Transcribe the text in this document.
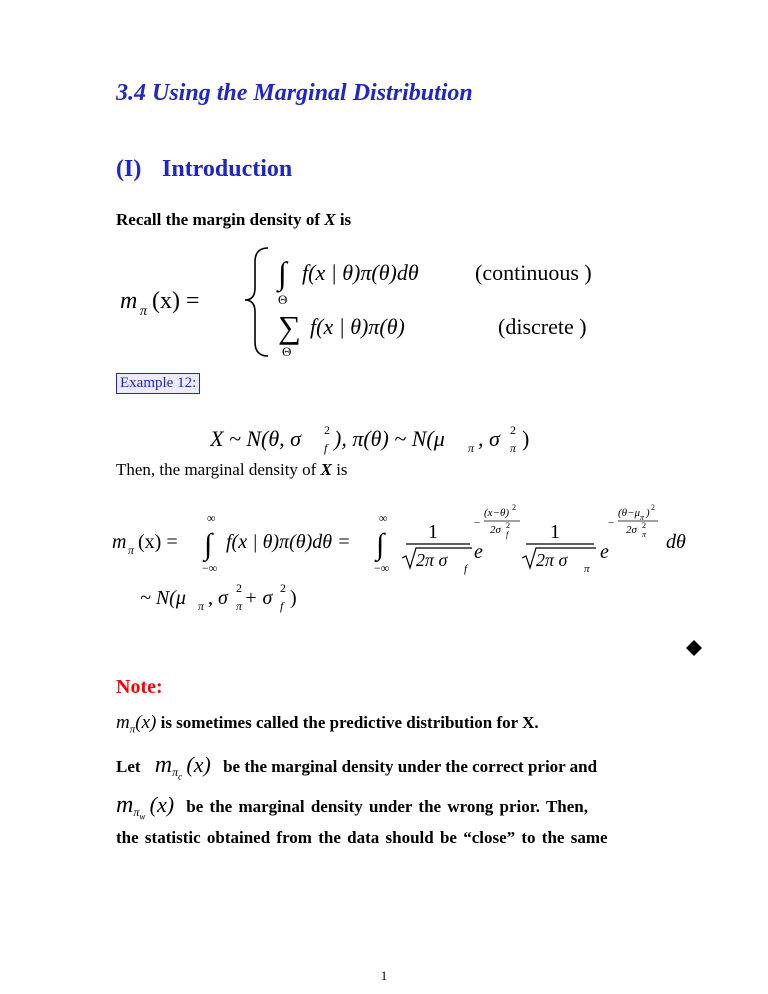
3.4 Using the Marginal Distribution
(I) Introduction
Recall the margin density of X is
m π (x) =
∫
Θ
f(x | θ)π(θ)dθ	(continuous )
∑
Θ
f(x | θ)π(θ)	(discrete )
Example 12:
X ~ N(θ, σ 2
f ), π(θ) ~ N(μ π , σ 2
π )
Then, the marginal density of X is
m π (x) = ∫
∞
−∞
f(x | θ)π(θ)dθ = ∫
∞
−∞
1
2π σ f
e
−
(x−θ) 2
2σ 2
f 1
2π σ π
e
−
(θ−μ π ) 2
2σ 2
π dθ
~ N(μ π , σ 2
π + σ 2
f )
Note:
$m_\pi(x)$ is sometimes called the predictive distribution for X.
Let $m_{\pi_c}$ (x) be the marginal density under the correct prior and
$m_{\pi_w}$ (x) be the marginal density under the wrong prior. Then,
the statistic obtained from the data should be “close” to the same
1
